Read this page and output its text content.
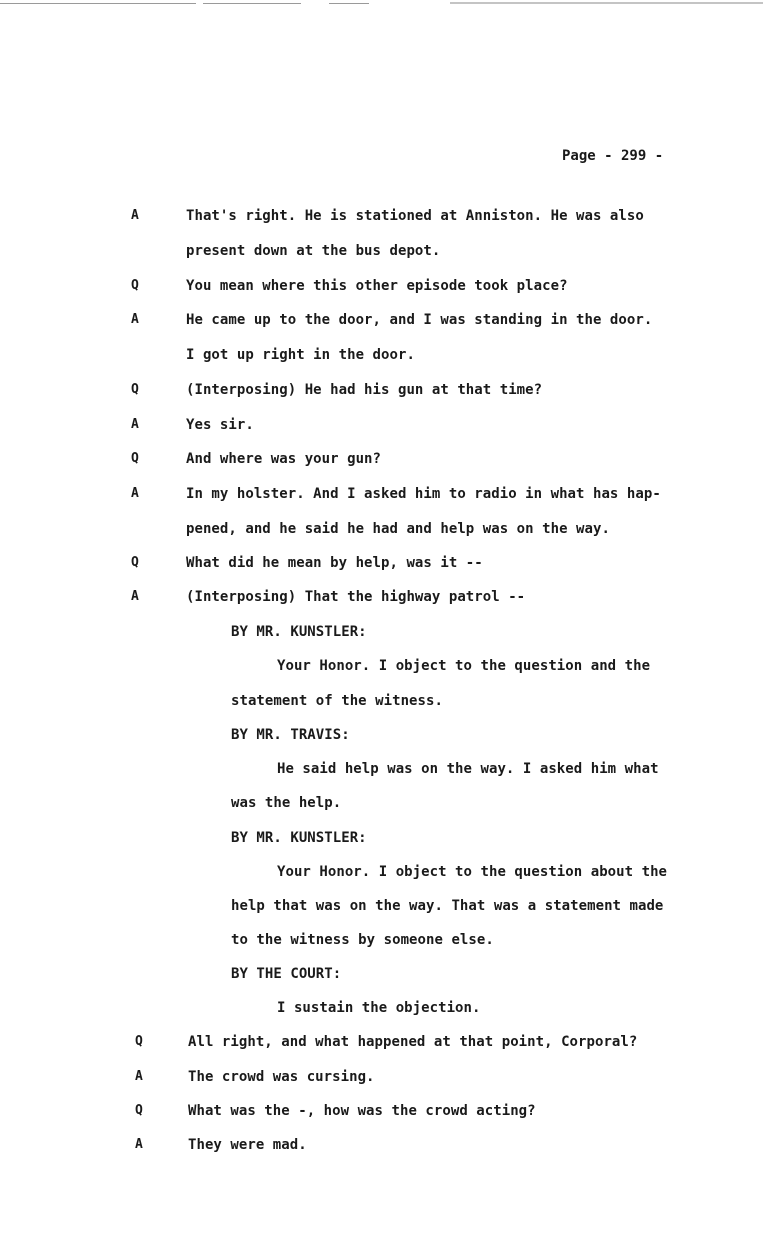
Page - 299 -
A	That's right. He is stationed at Anniston. He was also
present down at the bus depot.
Q	You mean where this other episode took place?
A	He came up to the door, and I was standing in the door.
I got up right in the door.
Q	(Interposing) He had his gun at that time?
A	Yes sir.
Q	And where was your gun?
A	In my holster. And I asked him to radio in what has hap-
pened, and he said he had and help was on the way.
Q	What did he mean by help, was it --
A	(Interposing) That the highway patrol --
BY MR. KUNSTLER:
Your Honor. I object to the question and the
statement of the witness.
BY MR. TRAVIS:
He said help was on the way. I asked him what
was the help.
BY MR. KUNSTLER:
Your Honor. I object to the question about the
help that was on the way. That was a statement made
to the witness by someone else.
BY THE COURT:
I sustain the objection.
Q	All right, and what happened at that point, Corporal?
A	The crowd was cursing.
Q	What was the -, how was the crowd acting?
A	They were mad.
